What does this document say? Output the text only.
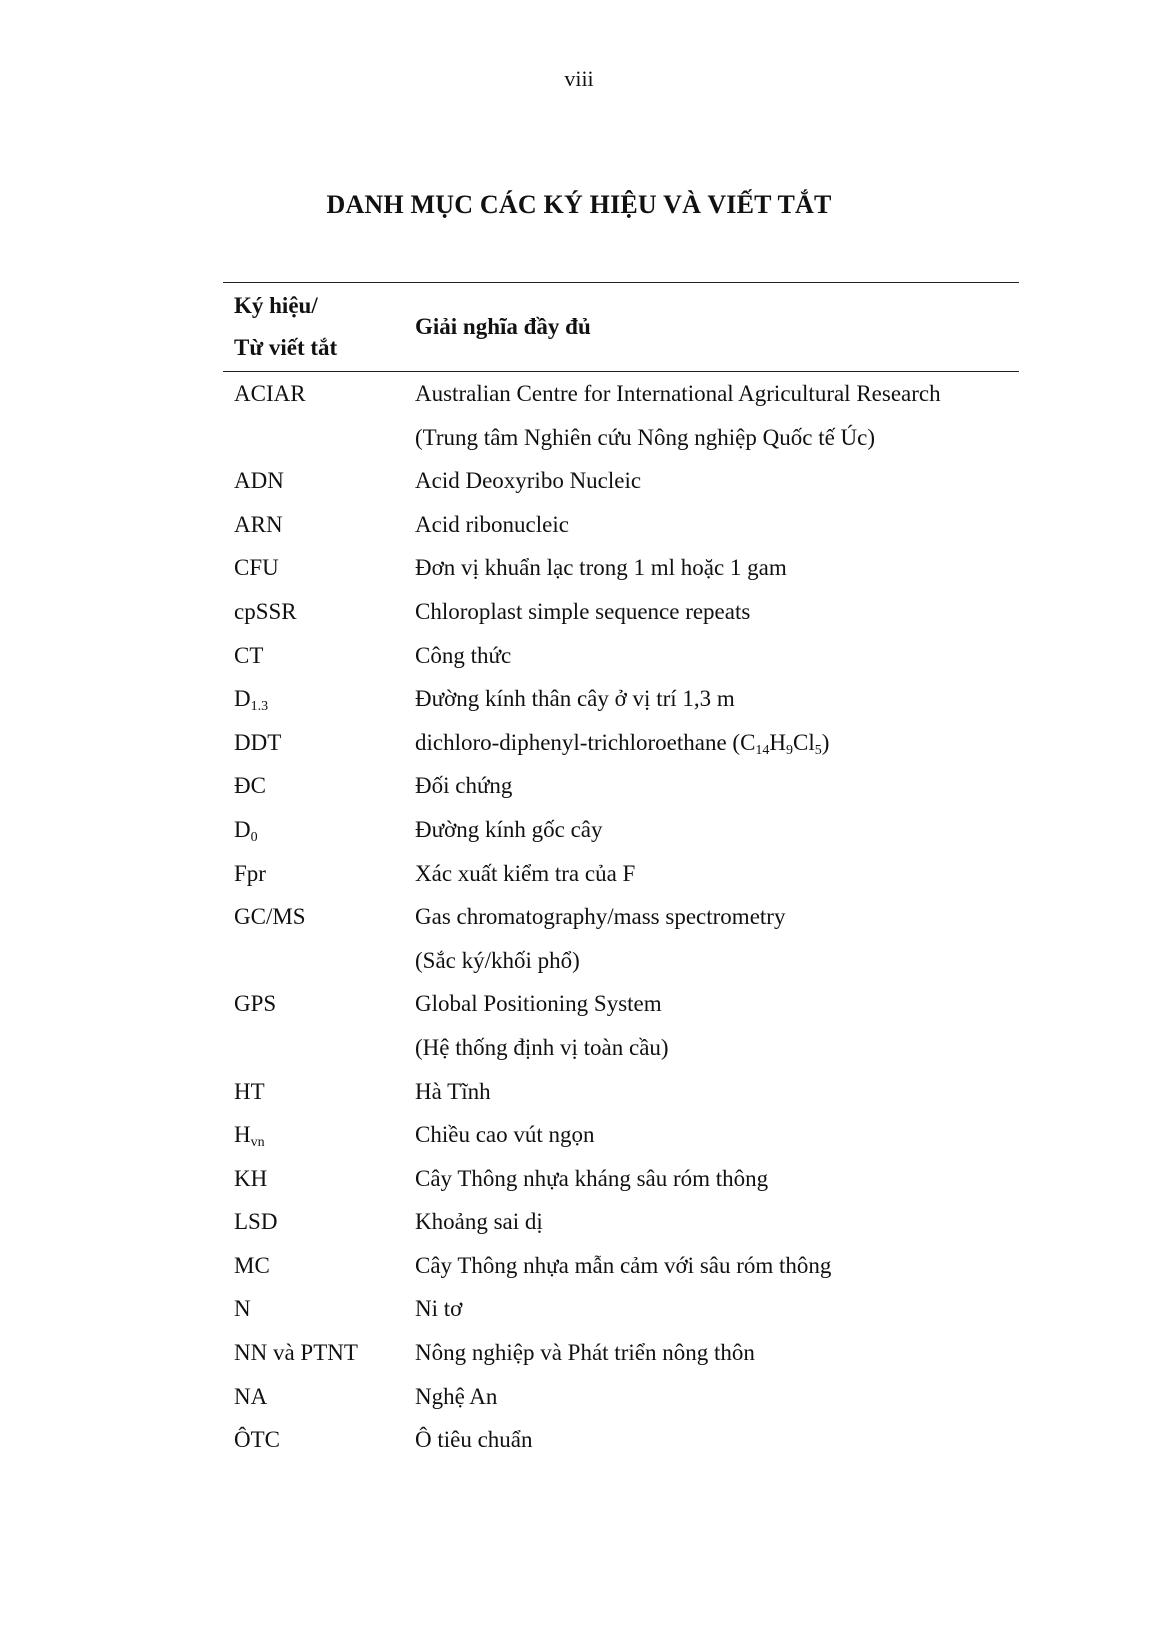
viii
DANH MỤC CÁC KÝ HIỆU VÀ VIẾT TẮT
Ký hiệu/
Từ viết tắt	Giải nghĩa đầy đủ
ACIAR	Australian Centre for International Agricultural Research
(Trung tâm Nghiên cứu Nông nghiệp Quốc tế Úc)

ADN	Acid Deoxyribo Nucleic

ARN	Acid ribonucleic

CFU	Đơn vị khuẩn lạc trong 1 ml hoặc 1 gam

cpSSR	Chloroplast simple sequence repeats

CT	Công thức

$D_{1.3}$	Đường kính thân cây ở vị trí 1,3 m

DDT	dichloro-diphenyl-trichloroethane $(C_{14}H_9Cl_5)$

ĐC	Đối chứng

$D_0$	Đường kính gốc cây

Fpr	Xác xuất kiểm tra của F

GC/MS	Gas chromatography/mass spectrometry
(Sắc ký/khối phổ)

GPS	Global Positioning System
(Hệ thống định vị toàn cầu)

HT	Hà Tĩnh

$H_{vn}$	Chiều cao vút ngọn

KH	Cây Thông nhựa kháng sâu róm thông

LSD	Khoảng sai dị

MC	Cây Thông nhựa mẫn cảm với sâu róm thông

N	Ni tơ

NN và PTNT	Nông nghiệp và Phát triển nông thôn

NA	Nghệ An

ÔTC	Ô tiêu chuẩn
